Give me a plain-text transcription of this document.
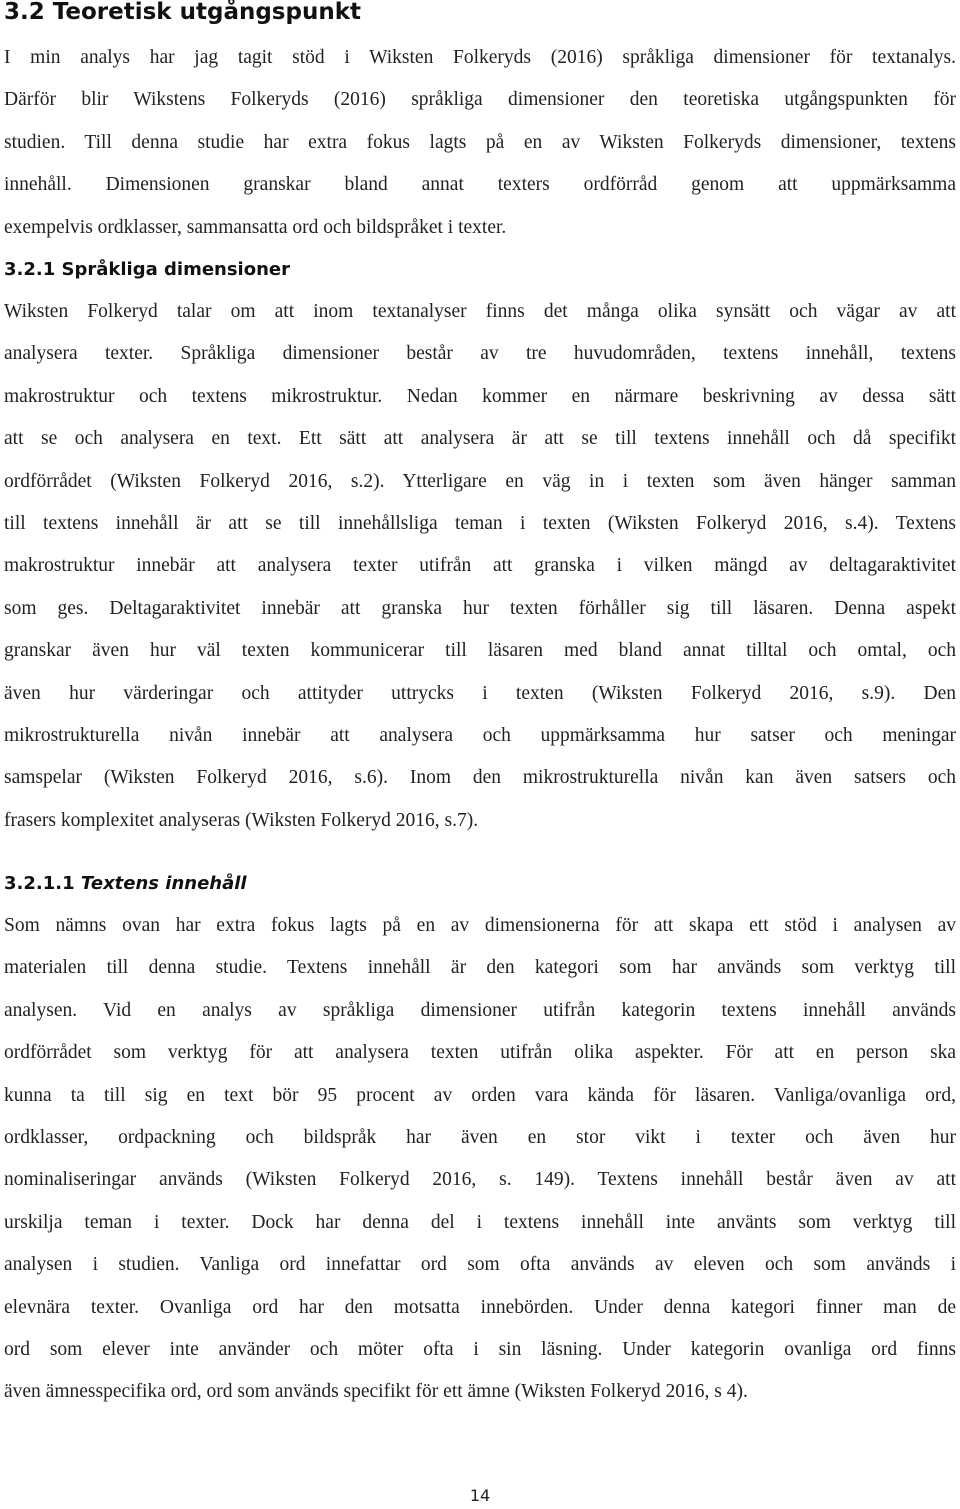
3.2 Teoretisk utgångspunkt
I min analys har jag tagit stöd i Wiksten Folkeryds (2016) språkliga dimensioner för textanalys.
Därför blir Wikstens Folkeryds (2016) språkliga dimensioner den teoretiska utgångspunkten för
studien. Till denna studie har extra fokus lagts på en av Wiksten Folkeryds dimensioner, textens
innehåll. Dimensionen granskar bland annat texters ordförråd genom att uppmärksamma
exempelvis ordklasser, sammansatta ord och bildspråket i texter.
3.2.1 Språkliga dimensioner
Wiksten Folkeryd talar om att inom textanalyser finns det många olika synsätt och vägar av att
analysera texter. Språkliga dimensioner består av tre huvudområden, textens innehåll, textens
makrostruktur och textens mikrostruktur. Nedan kommer en närmare beskrivning av dessa sätt
att se och analysera en text. Ett sätt att analysera är att se till textens innehåll och då specifikt
ordförrådet (Wiksten Folkeryd 2016, s.2). Ytterligare en väg in i texten som även hänger samman
till textens innehåll är att se till innehållsliga teman i texten (Wiksten Folkeryd 2016, s.4). Textens
makrostruktur innebär att analysera texter utifrån att granska i vilken mängd av deltagaraktivitet
som ges. Deltagaraktivitet innebär att granska hur texten förhåller sig till läsaren. Denna aspekt
granskar även hur väl texten kommunicerar till läsaren med bland annat tilltal och omtal, och
även hur värderingar och attityder uttrycks i texten (Wiksten Folkeryd 2016, s.9). Den
mikrostrukturella nivån innebär att analysera och uppmärksamma hur satser och meningar
samspelar (Wiksten Folkeryd 2016, s.6). Inom den mikrostrukturella nivån kan även satsers och
frasers komplexitet analyseras (Wiksten Folkeryd 2016, s.7).
3.2.1.1 Textens innehåll
Som nämns ovan har extra fokus lagts på en av dimensionerna för att skapa ett stöd i analysen av
materialen till denna studie. Textens innehåll är den kategori som har används som verktyg till
analysen. Vid en analys av språkliga dimensioner utifrån kategorin textens innehåll används
ordförrådet som verktyg för att analysera texten utifrån olika aspekter. För att en person ska
kunna ta till sig en text bör 95 procent av orden vara kända för läsaren. Vanliga/ovanliga ord,
ordklasser, ordpackning och bildspråk har även en stor vikt i texter och även hur
nominaliseringar används (Wiksten Folkeryd 2016, s. 149). Textens innehåll består även av att
urskilja teman i texter. Dock har denna del i textens innehåll inte använts som verktyg till
analysen i studien. Vanliga ord innefattar ord som ofta används av eleven och som används i
elevnära texter. Ovanliga ord har den motsatta innebörden. Under denna kategori finner man de
ord som elever inte använder och möter ofta i sin läsning. Under kategorin ovanliga ord finns
även ämnesspecifika ord, ord som används specifikt för ett ämne (Wiksten Folkeryd 2016, s 4).
14
